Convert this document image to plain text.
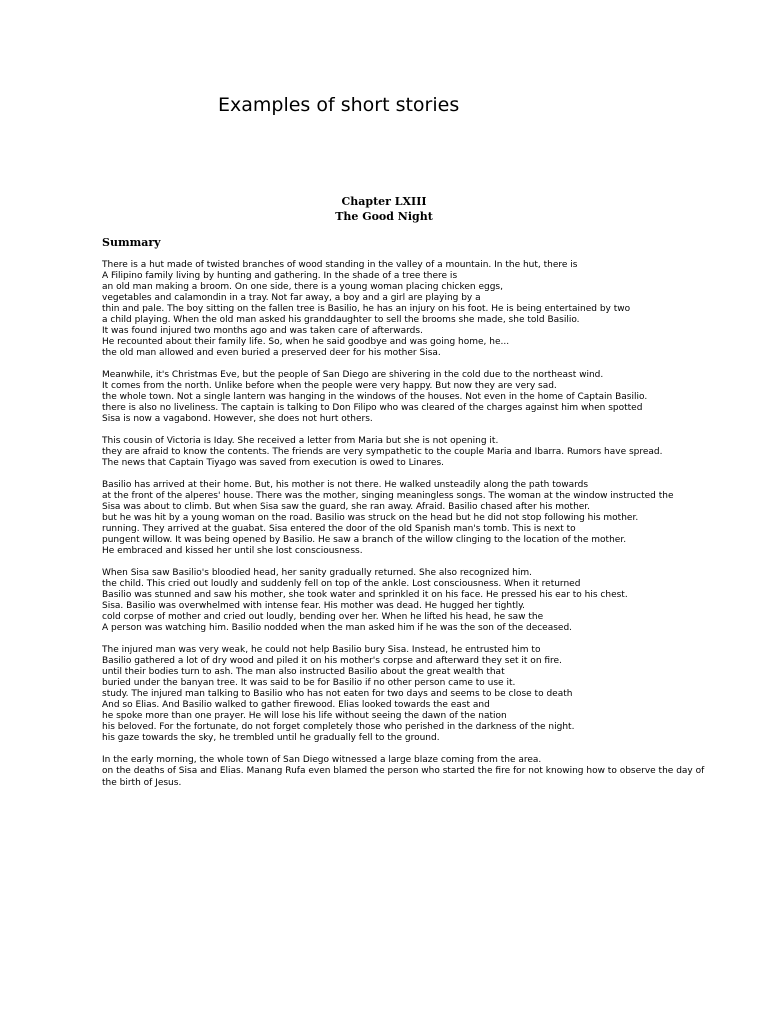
Examples of short stories
Chapter LXIII
The Good Night
Summary
There is a hut made of twisted branches of wood standing in the valley of a mountain. In the hut, there is
A Filipino family living by hunting and gathering. In the shade of a tree there is
an old man making a broom. On one side, there is a young woman placing chicken eggs,
vegetables and calamondin in a tray. Not far away, a boy and a girl are playing by a
thin and pale. The boy sitting on the fallen tree is Basilio, he has an injury on his foot. He is being entertained by two
a child playing. When the old man asked his granddaughter to sell the brooms she made, she told Basilio.
It was found injured two months ago and was taken care of afterwards.
He recounted about their family life. So, when he said goodbye and was going home, he...
the old man allowed and even buried a preserved deer for his mother Sisa.
Meanwhile, it's Christmas Eve, but the people of San Diego are shivering in the cold due to the northeast wind.
It comes from the north. Unlike before when the people were very happy. But now they are very sad.
the whole town. Not a single lantern was hanging in the windows of the houses. Not even in the home of Captain Basilio.
there is also no liveliness. The captain is talking to Don Filipo who was cleared of the charges against him when spotted
Sisa is now a vagabond. However, she does not hurt others.
This cousin of Victoria is Iday. She received a letter from Maria but she is not opening it.
they are afraid to know the contents. The friends are very sympathetic to the couple Maria and Ibarra. Rumors have spread.
The news that Captain Tiyago was saved from execution is owed to Linares.
Basilio has arrived at their home. But, his mother is not there. He walked unsteadily along the path towards
at the front of the alperes' house. There was the mother, singing meaningless songs. The woman at the window instructed the
Sisa was about to climb. But when Sisa saw the guard, she ran away. Afraid. Basilio chased after his mother.
but he was hit by a young woman on the road. Basilio was struck on the head but he did not stop following his mother.
running. They arrived at the guabat. Sisa entered the door of the old Spanish man's tomb. This is next to
pungent willow. It was being opened by Basilio. He saw a branch of the willow clinging to the location of the mother.
He embraced and kissed her until she lost consciousness.
When Sisa saw Basilio's bloodied head, her sanity gradually returned. She also recognized him.
the child. This cried out loudly and suddenly fell on top of the ankle. Lost consciousness. When it returned
Basilio was stunned and saw his mother, she took water and sprinkled it on his face. He pressed his ear to his chest.
Sisa. Basilio was overwhelmed with intense fear. His mother was dead. He hugged her tightly.
cold corpse of mother and cried out loudly, bending over her. When he lifted his head, he saw the
A person was watching him. Basilio nodded when the man asked him if he was the son of the deceased.
The injured man was very weak, he could not help Basilio bury Sisa. Instead, he entrusted him to
Basilio gathered a lot of dry wood and piled it on his mother's corpse and afterward they set it on fire.
until their bodies turn to ash. The man also instructed Basilio about the great wealth that
buried under the banyan tree. It was said to be for Basilio if no other person came to use it.
study. The injured man talking to Basilio who has not eaten for two days and seems to be close to death
And so Elias. And Basilio walked to gather firewood. Elias looked towards the east and
he spoke more than one prayer. He will lose his life without seeing the dawn of the nation
his beloved. For the fortunate, do not forget completely those who perished in the darkness of the night.
his gaze towards the sky, he trembled until he gradually fell to the ground.
In the early morning, the whole town of San Diego witnessed a large blaze coming from the area.
on the deaths of Sisa and Elias. Manang Rufa even blamed the person who started the fire for not knowing how to observe the day of
the birth of Jesus.
